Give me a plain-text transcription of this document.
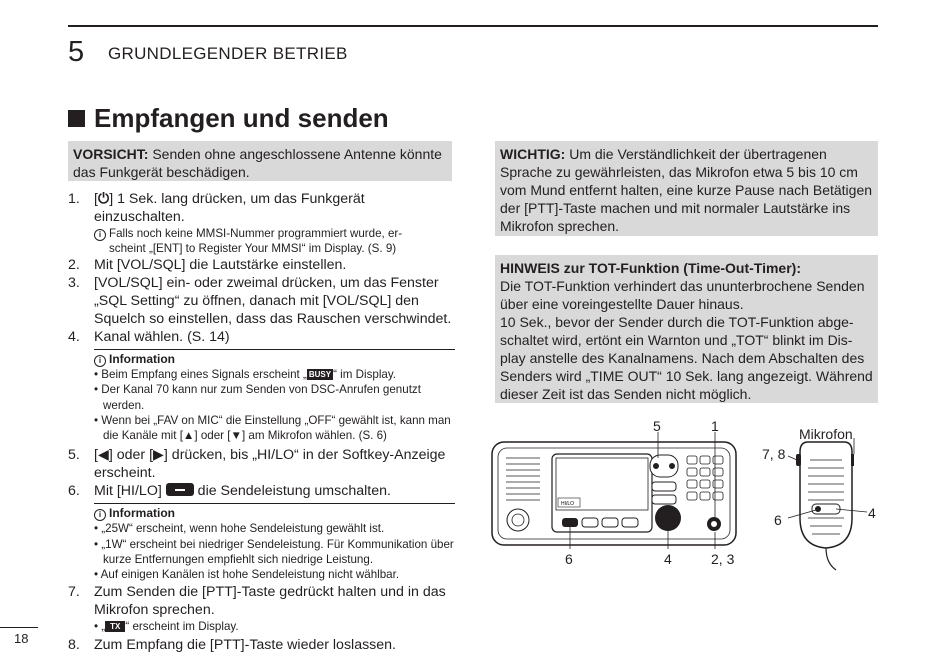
5 GRUNDLEGENDER BETRIEB
Empfangen und senden
VORSICHT: Senden ohne angeschlossene Antenne könnte das Funkgerät beschädigen.
1. [⏻] 1 Sek. lang drücken, um das Funkgerät einzuschalten.
i Falls noch keine MMSI-Nummer programmiert wurde, er-
scheint „[ENT] to Register Your MMSI“ im Display. (S. 9)
2. Mit [VOL/SQL] die Lautstärke einstellen.
3. [VOL/SQL] ein- oder zweimal drücken, um das Fenster „SQL Setting“ zu öffnen, danach mit [VOL/SQL] den Squelch so einstellen, dass das Rauschen verschwindet.
4. Kanal wählen. (S. 14)
i Information
• Beim Empfang eines Signals erscheint „ BUSY “ im Display.
• Der Kanal 70 kann nur zum Senden von DSC-Anrufen genutzt werden.
• Wenn bei „FAV on MIC“ die Einstellung „OFF“ gewählt ist, kann man die Kanäle mit [▲] oder [▼] am Mikrofon wählen. (S. 6)
5. [◀] oder [▶] drücken, bis „HI/LO“ in der Softkey-Anzeige erscheint.
6. Mit [HI/LO]  die Sendeleistung umschalten.
i Information
• „25W“ erscheint, wenn hohe Sendeleistung gewählt ist.
• „1W“ erscheint bei niedriger Sendeleistung. Für Kommunikation über kurze Entfernungen empfiehlt sich niedrige Leistung.
• Auf einigen Kanälen ist hohe Sendeleistung nicht wählbar.
7. Zum Senden die [PTT]-Taste gedrückt halten und in das Mikrofon sprechen.
• „ TX “ erscheint im Display.
8. Zum Empfang die [PTT]-Taste wieder loslassen.
WICHTIG: Um die Verständlichkeit der übertragenen Sprache zu gewährleisten, das Mikrofon etwa 5 bis 10 cm vom Mund entfernt halten, eine kurze Pause nach Betätigen der [PTT]-Taste machen und mit normaler Lautstärke ins Mikrofon sprechen.
HINWEIS zur TOT-Funktion (Time-Out-Timer):
Die TOT-Funktion verhindert das ununterbrochene Senden über eine voreingestellte Dauer hinaus.
10 Sek., bevor der Sender durch die TOT-Funktion abgeschaltet wird, ertönt ein Warnton und „TOT“ blinkt im Display anstelle des Kanalnamens. Nach dem Abschalten des Senders wird „TIME OUT“ 10 Sek. lang angezeigt. Während dieser Zeit ist das Senden nicht möglich.
HI/LO
5	1
6	4	2, 3
Mikrofon
7, 8
6	4
18
